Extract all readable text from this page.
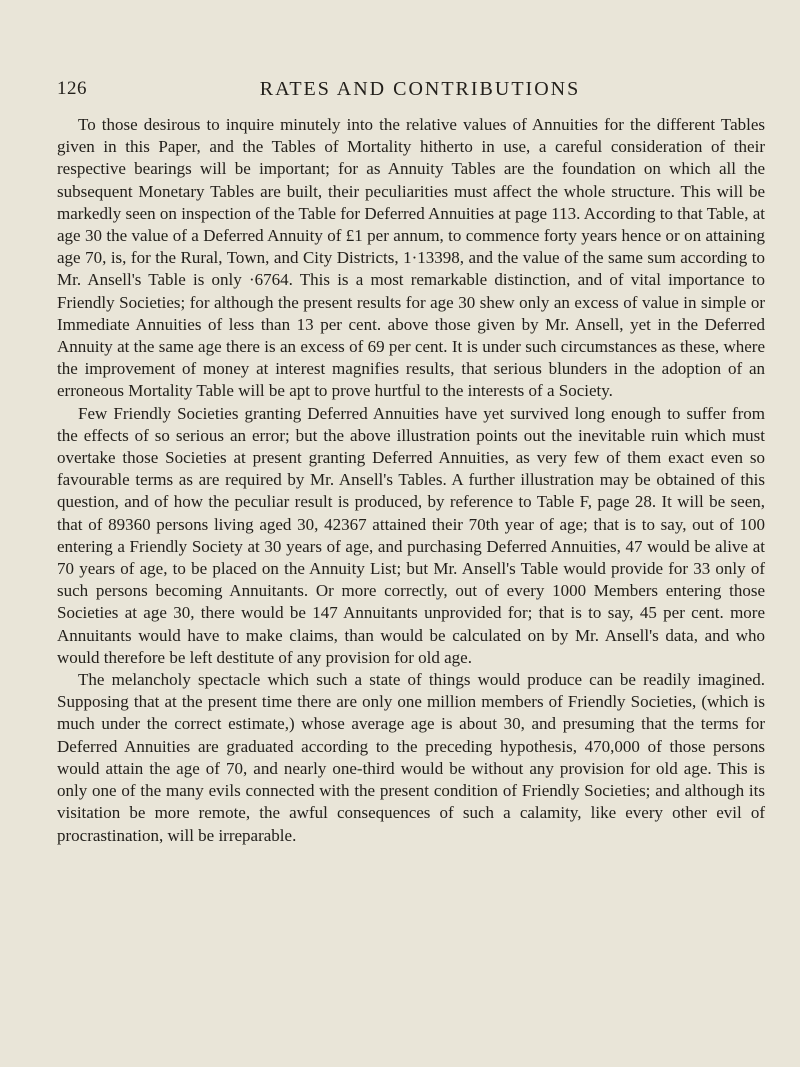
126	RATES AND CONTRIBUTIONS

To those desirous to inquire minutely into the relative values of Annuities for the different Tables given in this Paper, and the Tables of Mortality hitherto in use, a careful consideration of their respective bearings will be important; for as Annuity Tables are the foundation on which all the subsequent Monetary Tables are built, their peculiarities must affect the whole structure. This will be markedly seen on inspection of the Table for Deferred Annuities at page 113. According to that Table, at age 30 the value of a Deferred Annuity of £1 per annum, to commence forty years hence or on attaining age 70, is, for the Rural, Town, and City Districts, 1·13398, and the value of the same sum according to Mr. Ansell's Table is only ·6764. This is a most remarkable distinction, and of vital importance to Friendly Societies; for although the present results for age 30 shew only an excess of value in simple or Immediate Annuities of less than 13 per cent. above those given by Mr. Ansell, yet in the Deferred Annuity at the same age there is an excess of 69 per cent. It is under such circumstances as these, where the improvement of money at interest magnifies results, that serious blunders in the adoption of an erroneous Mortality Table will be apt to prove hurtful to the interests of a Society.

Few Friendly Societies granting Deferred Annuities have yet survived long enough to suffer from the effects of so serious an error; but the above illustration points out the inevitable ruin which must overtake those Societies at present granting Deferred Annuities, as very few of them exact even so favourable terms as are required by Mr. Ansell's Tables. A further illustration may be obtained of this question, and of how the peculiar result is produced, by reference to Table F, page 28. It will be seen, that of 89360 persons living aged 30, 42367 attained their 70th year of age; that is to say, out of 100 entering a Friendly Society at 30 years of age, and purchasing Deferred Annuities, 47 would be alive at 70 years of age, to be placed on the Annuity List; but Mr. Ansell's Table would provide for 33 only of such persons becoming Annuitants. Or more correctly, out of every 1000 Members entering those Societies at age 30, there would be 147 Annuitants unprovided for; that is to say, 45 per cent. more Annuitants would have to make claims, than would be calculated on by Mr. Ansell's data, and who would therefore be left destitute of any provision for old age.

The melancholy spectacle which such a state of things would produce can be readily imagined. Supposing that at the present time there are only one million members of Friendly Societies, (which is much under the correct estimate,) whose average age is about 30, and presuming that the terms for Deferred Annuities are graduated according to the preceding hypothesis, 470,000 of those persons would attain the age of 70, and nearly one-third would be without any provision for old age. This is only one of the many evils connected with the present condition of Friendly Societies; and although its visitation be more remote, the awful consequences of such a calamity, like every other evil of procrastination, will be irreparable.
